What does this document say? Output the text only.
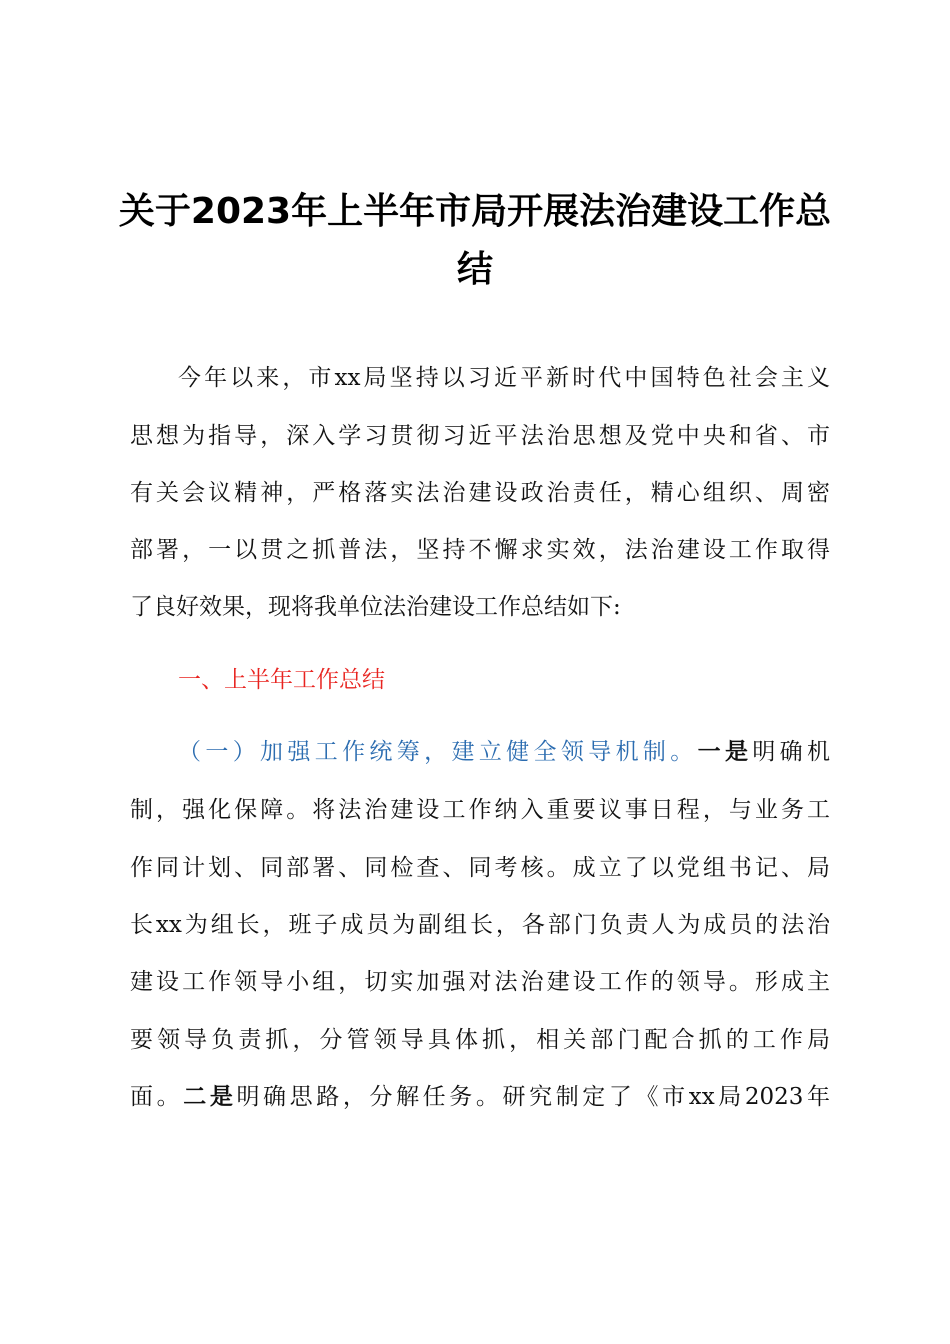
关于2023年上半年市局开展法治建设工作总
结
今年以来，市xx局坚持以习近平新时代中国特色社会主义
思想为指导，深入学习贯彻习近平法治思想及党中央和省、市
有关会议精神，严格落实法治建设政治责任，精心组织、周密
部署，一以贯之抓普法，坚持不懈求实效，法治建设工作取得
了良好效果，现将我单位法治建设工作总结如下:
一、上半年工作总结
（一）加强工作统筹，建立健全领导机制。一是明确机
制，强化保障。将法治建设工作纳入重要议事日程，与业务工
作同计划、同部署、同检查、同考核。成立了以党组书记、局
长xx为组长，班子成员为副组长，各部门负责人为成员的法治
建设工作领导小组，切实加强对法治建设工作的领导。形成主
要领导负责抓，分管领导具体抓，相关部门配合抓的工作局
面。二是明确思路，分解任务。研究制定了《市xx局2023年
